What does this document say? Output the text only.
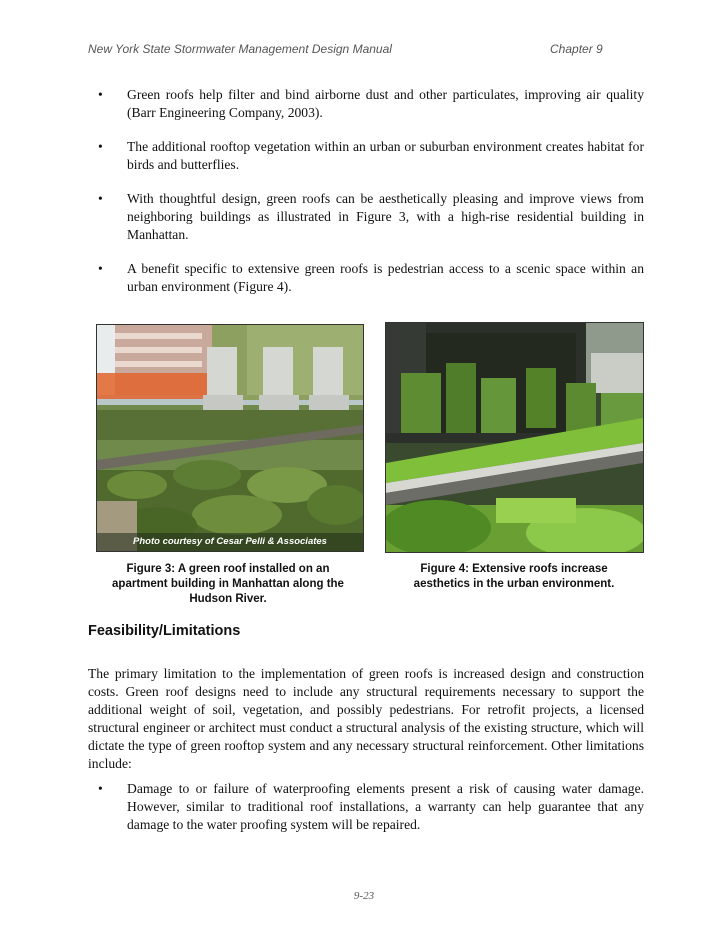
New York State Stormwater Management Design Manual	Chapter 9
• Green roofs help filter and bind airborne dust and other particulates, improving air quality (Barr Engineering Company, 2003).
• The additional rooftop vegetation within an urban or suburban environment creates habitat for birds and butterflies.
• With thoughtful design, green roofs can be aesthetically pleasing and improve views from neighboring buildings as illustrated in Figure 3, with a high-rise residential building in Manhattan.
• A benefit specific to extensive green roofs is pedestrian access to a scenic space within an urban environment (Figure 4).
Photo courtesy of Cesar Pelli & Associates
Figure 3: A green roof installed on an apartment building in Manhattan along the Hudson River.
Figure 4: Extensive roofs increase aesthetics in the urban environment.
Feasibility/Limitations

The primary limitation to the implementation of green roofs is increased design and construction costs. Green roof designs need to include any structural requirements necessary to support the additional weight of soil, vegetation, and possibly pedestrians. For retrofit projects, a licensed structural engineer or architect must conduct a structural analysis of the existing structure, which will dictate the type of green rooftop system and any necessary structural reinforcement. Other limitations include:

• Damage to or failure of waterproofing elements present a risk of causing water damage. However, similar to traditional roof installations, a warranty can help guarantee that any damage to the water proofing system will be repaired.
9-23
